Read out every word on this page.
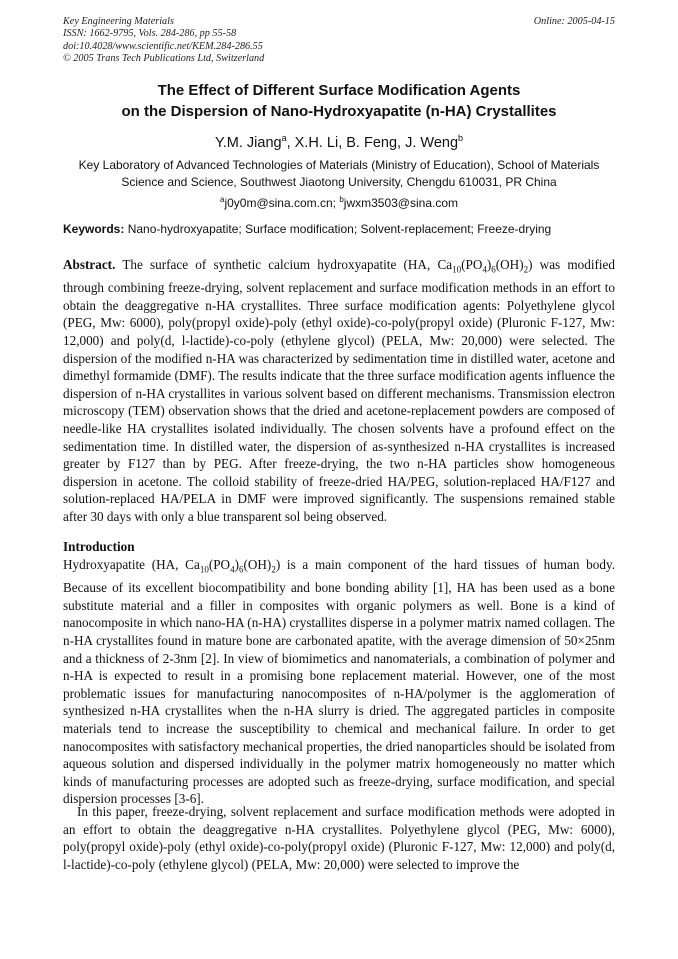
Key Engineering Materials
ISSN: 1662-9795, Vols. 284-286, pp 55-58
doi:10.4028/www.scientific.net/KEM.284-286.55
© 2005 Trans Tech Publications Ltd, Switzerland
Online: 2005-04-15
The Effect of Different Surface Modification Agents
on the Dispersion of Nano-Hydroxyapatite (n-HA) Crystallites
Y.M. Jiang$^a$, X.H. Li, B. Feng, J. Weng$^b$
Key Laboratory of Advanced Technologies of Materials (Ministry of Education), School of Materials
Science and Science, Southwest Jiaotong University, Chengdu 610031, PR China
$^a$j0y0m@sina.com.cn; $^b$jwxm3503@sina.com
Keywords: Nano-hydroxyapatite; Surface modification; Solvent-replacement; Freeze-drying
Abstract. The surface of synthetic calcium hydroxyapatite (HA, $Ca_{10}(PO_4)_6(OH)_2$) was modified through combining freeze-drying, solvent replacement and surface modification methods in an effort to obtain the deaggregative n-HA crystallites. Three surface modification agents: Polyethylene glycol (PEG, Mw: 6000), poly(propyl oxide)-poly (ethyl oxide)-co-poly(propyl oxide) (Pluronic F-127, Mw: 12,000) and poly(d, l-lactide)-co-poly (ethylene glycol) (PELA, Mw: 20,000) were selected. The dispersion of the modified n-HA was characterized by sedimentation time in distilled water, acetone and dimethyl formamide (DMF). The results indicate that the three surface modification agents influence the dispersion of n-HA crystallites in various solvent based on different mechanisms. Transmission electron microscopy (TEM) observation shows that the dried and acetone-replacement powders are composed of needle-like HA crystallites isolated individually. The chosen solvents have a profound effect on the sedimentation time. In distilled water, the dispersion of as-synthesized n-HA crystallites is increased greater by F127 than by PEG. After freeze-drying, the two n-HA particles show homogeneous dispersion in acetone. The colloid stability of freeze-dried HA/PEG, solution-replaced HA/F127 and solution-replaced HA/PELA in DMF were improved significantly. The suspensions remained stable after 30 days with only a blue transparent sol being observed.
Introduction
Hydroxyapatite (HA, $Ca_{10}(PO_4)_6(OH)_2$) is a main component of the hard tissues of human body. Because of its excellent biocompatibility and bone bonding ability [1], HA has been used as a bone substitute material and a filler in composites with organic polymers as well. Bone is a kind of nanocomposite in which nano-HA (n-HA) crystallites disperse in a polymer matrix named collagen. The n-HA crystallites found in mature bone are carbonated apatite, with the average dimension of 50×25nm and a thickness of 2-3nm [2]. In view of biomimetics and nanomaterials, a combination of polymer and n-HA is expected to result in a promising bone replacement material. However, one of the most problematic issues for manufacturing nanocomposites of n-HA/polymer is the agglomeration of synthesized n-HA crystallites when the n-HA slurry is dried. The aggregated particles in composite materials tend to increase the susceptibility to chemical and mechanical failure. In order to get nanocomposites with satisfactory mechanical properties, the dried nanoparticles should be isolated from aqueous solution and dispersed individually in the polymer matrix homogeneously no matter which kinds of manufacturing processes are adopted such as freeze-drying, surface modification, and special dispersion processes [3-6].
In this paper, freeze-drying, solvent replacement and surface modification methods were adopted in an effort to obtain the deaggregative n-HA crystallites. Polyethylene glycol (PEG, Mw: 6000), poly(propyl oxide)-poly (ethyl oxide)-co-poly(propyl oxide) (Pluronic F-127, Mw: 12,000) and poly(d, l-lactide)-co-poly (ethylene glycol) (PELA, Mw: 20,000) were selected to improve the
